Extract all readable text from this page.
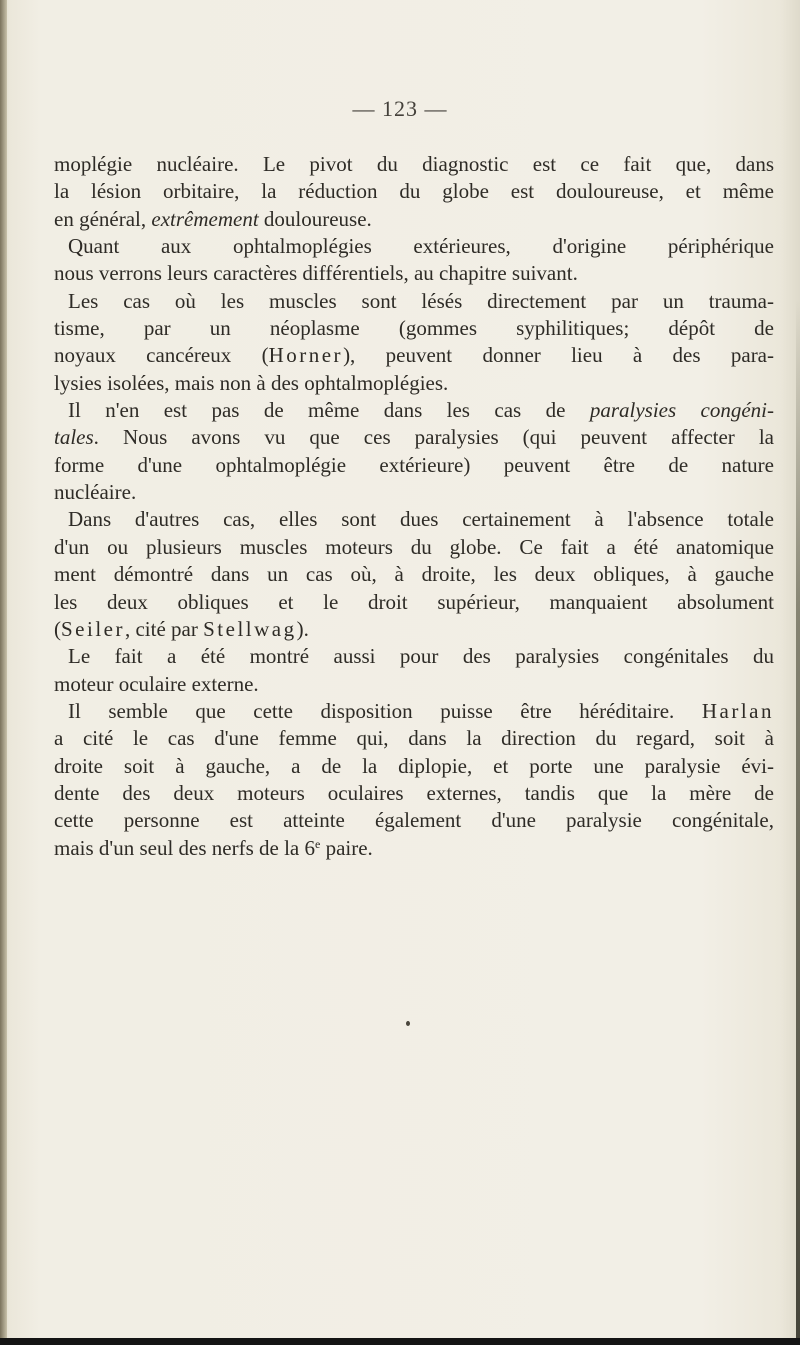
— 123 —
moplégie nucléaire. Le pivot du diagnostic est ce fait que, dans
la lésion orbitaire, la réduction du globe est douloureuse, et même
en général, extrêmement douloureuse.
Quant aux ophtalmoplégies extérieures, d'origine périphérique
nous verrons leurs caractères différentiels, au chapitre suivant.
Les cas où les muscles sont lésés directement par un trauma-
tisme, par un néoplasme (gommes syphilitiques; dépôt de
noyaux cancéreux (Horner), peuvent donner lieu à des para-
lysies isolées, mais non à des ophtalmoplégies.
Il n'en est pas de même dans les cas de paralysies congéni-
tales. Nous avons vu que ces paralysies (qui peuvent affecter la
forme d'une ophtalmoplégie extérieure) peuvent être de nature
nucléaire.
Dans d'autres cas, elles sont dues certainement à l'absence totale
d'un ou plusieurs muscles moteurs du globe. Ce fait a été anatomique
ment démontré dans un cas où, à droite, les deux obliques, à gauche
les deux obliques et le droit supérieur, manquaient absolument
(Seiler, cité par Stellwag).
Le fait a été montré aussi pour des paralysies congénitales du
moteur oculaire externe.
Il semble que cette disposition puisse être héréditaire. Harlan
a cité le cas d'une femme qui, dans la direction du regard, soit à
droite soit à gauche, a de la diplopie, et porte une paralysie évi-
dente des deux moteurs oculaires externes, tandis que la mère de
cette personne est atteinte également d'une paralysie congénitale,
mais d'un seul des nerfs de la 6e paire.
